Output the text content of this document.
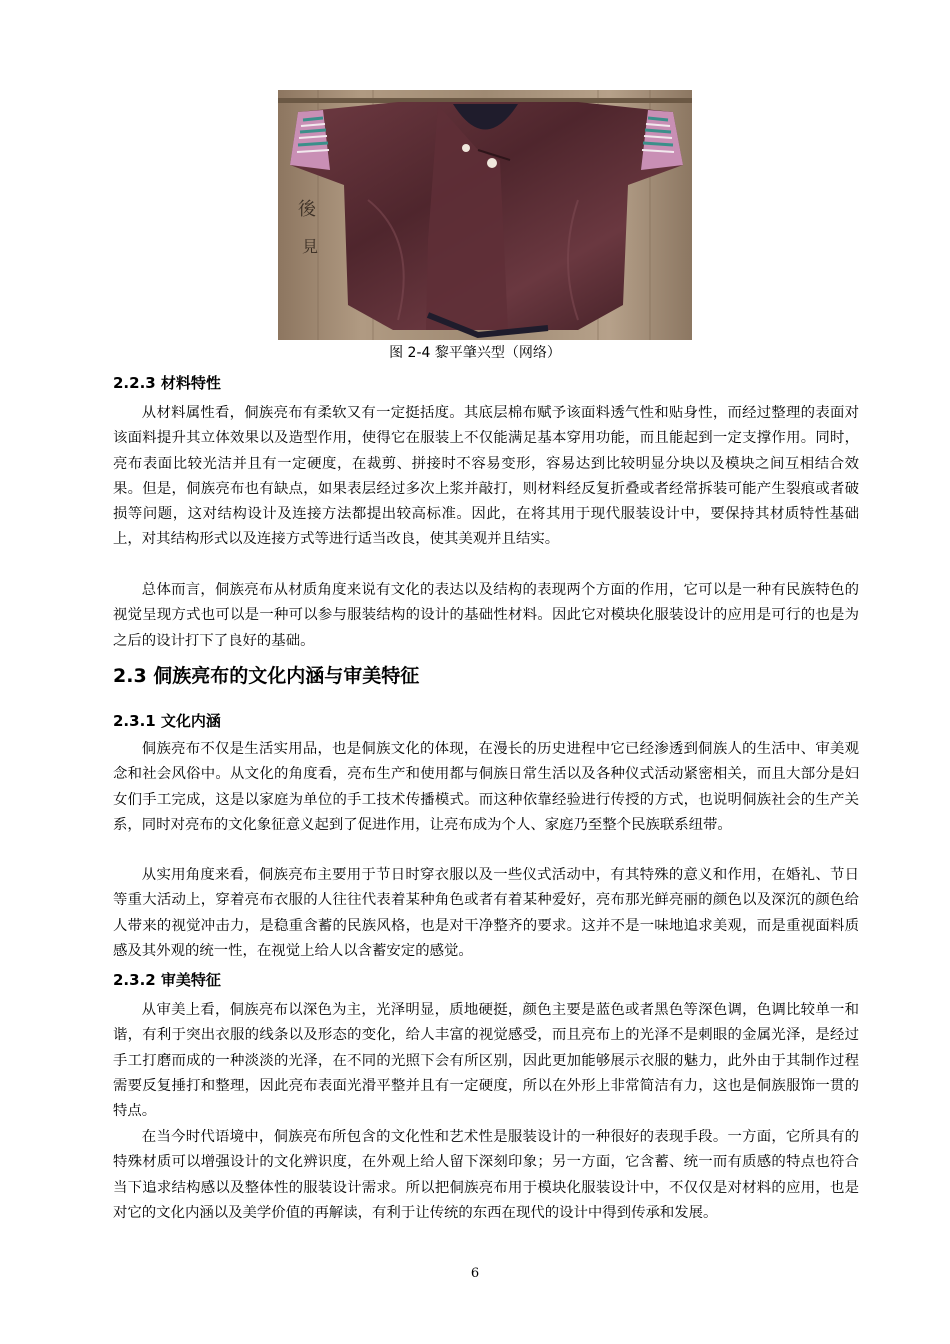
後
見
图 2-4 黎平肇兴型（网络）
2.2.3 材料特性

从材料属性看，侗族亮布有柔软又有一定挺括度。其底层棉布赋予该面料透气性和贴身性，而经过整理的表面对该面料提升其立体效果以及造型作用，使得它在服装上不仅能满足基本穿用功能，而且能起到一定支撑作用。同时，亮布表面比较光洁并且有一定硬度，在裁剪、拼接时不容易变形，容易达到比较明显分块以及模块之间互相结合效果。但是，侗族亮布也有缺点，如果表层经过多次上浆并敲打，则材料经反复折叠或者经常拆装可能产生裂痕或者破损等问题，这对结构设计及连接方法都提出较高标准。因此，在将其用于现代服装设计中，要保持其材质特性基础上，对其结构形式以及连接方式等进行适当改良，使其美观并且结实。

总体而言，侗族亮布从材质角度来说有文化的表达以及结构的表现两个方面的作用，它可以是一种有民族特色的视觉呈现方式也可以是一种可以参与服装结构的设计的基础性材料。因此它对模块化服装设计的应用是可行的也是为之后的设计打下了良好的基础。

2.3 侗族亮布的文化内涵与审美特征
2.3.1 文化内涵

侗族亮布不仅是生活实用品，也是侗族文化的体现，在漫长的历史进程中它已经渗透到侗族人的生活中、审美观念和社会风俗中。从文化的角度看，亮布生产和使用都与侗族日常生活以及各种仪式活动紧密相关，而且大部分是妇女们手工完成，这是以家庭为单位的手工技术传播模式。而这种依靠经验进行传授的方式，也说明侗族社会的生产关系，同时对亮布的文化象征意义起到了促进作用，让亮布成为个人、家庭乃至整个民族联系纽带。

从实用角度来看，侗族亮布主要用于节日时穿衣服以及一些仪式活动中，有其特殊的意义和作用，在婚礼、节日等重大活动上，穿着亮布衣服的人往往代表着某种角色或者有着某种爱好，亮布那光鲜亮丽的颜色以及深沉的颜色给人带来的视觉冲击力，是稳重含蓄的民族风格，也是对干净整齐的要求。这并不是一味地追求美观，而是重视面料质感及其外观的统一性，在视觉上给人以含蓄安定的感觉。

2.3.2 审美特征

从审美上看，侗族亮布以深色为主，光泽明显，质地硬挺，颜色主要是蓝色或者黑色等深色调，色调比较单一和谐，有利于突出衣服的线条以及形态的变化，给人丰富的视觉感受，而且亮布上的光泽不是刺眼的金属光泽，是经过手工打磨而成的一种淡淡的光泽，在不同的光照下会有所区别，因此更加能够展示衣服的魅力，此外由于其制作过程需要反复捶打和整理，因此亮布表面光滑平整并且有一定硬度，所以在外形上非常简洁有力，这也是侗族服饰一贯的特点。

在当今时代语境中，侗族亮布所包含的文化性和艺术性是服装设计的一种很好的表现手段。一方面，它所具有的特殊材质可以增强设计的文化辨识度，在外观上给人留下深刻印象；另一方面，它含蓄、统一而有质感的特点也符合当下追求结构感以及整体性的服装设计需求。所以把侗族亮布用于模块化服装设计中，不仅仅是对材料的应用，也是对它的文化内涵以及美学价值的再解读，有利于让传统的东西在现代的设计中得到传承和发展。

6
